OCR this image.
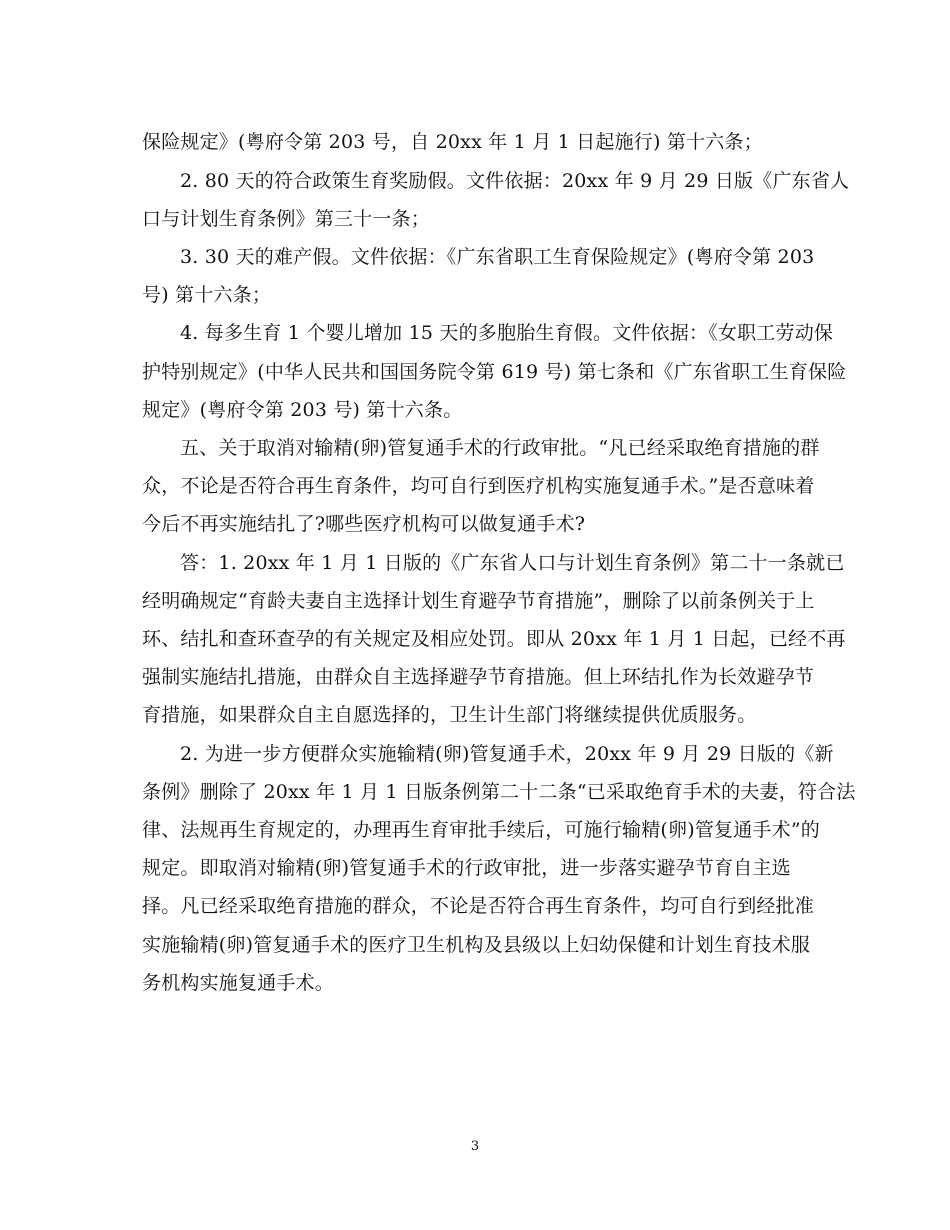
保险规定》(粤府令第 203 号，自 20xx 年 1 月 1 日起施行) 第十六条；
2. 80 天的符合政策生育奖励假。文件依据：20xx 年 9 月 29 日版《广东省人
口与计划生育条例》第三十一条；
3. 30 天的难产假。文件依据：《广东省职工生育保险规定》(粤府令第 203
号) 第十六条；
4. 每多生育 1 个婴儿增加 15 天的多胞胎生育假。文件依据：《女职工劳动保
护特别规定》(中华人民共和国国务院令第 619 号) 第七条和《广东省职工生育保险
规定》(粤府令第 203 号) 第十六条。
五、关于取消对输精(卵)管复通手术的行政审批。“凡已经采取绝育措施的群
众，不论是否符合再生育条件，均可自行到医疗机构实施复通手术。”是否意味着
今后不再实施结扎了?哪些医疗机构可以做复通手术?
答：1. 20xx 年 1 月 1 日版的《广东省人口与计划生育条例》第二十一条就已
经明确规定“育龄夫妻自主选择计划生育避孕节育措施”，删除了以前条例关于上
环、结扎和查环查孕的有关规定及相应处罚。即从 20xx 年 1 月 1 日起，已经不再
强制实施结扎措施，由群众自主选择避孕节育措施。但上环结扎作为长效避孕节
育措施，如果群众自主自愿选择的，卫生计生部门将继续提供优质服务。
2. 为进一步方便群众实施输精(卵)管复通手术，20xx 年 9 月 29 日版的《新
条例》删除了 20xx 年 1 月 1 日版条例第二十二条“已采取绝育手术的夫妻，符合法
律、法规再生育规定的，办理再生育审批手续后，可施行输精(卵)管复通手术”的
规定。即取消对输精(卵)管复通手术的行政审批，进一步落实避孕节育自主选
择。凡已经采取绝育措施的群众，不论是否符合再生育条件，均可自行到经批准
实施输精(卵)管复通手术的医疗卫生机构及县级以上妇幼保健和计划生育技术服
务机构实施复通手术。
3
